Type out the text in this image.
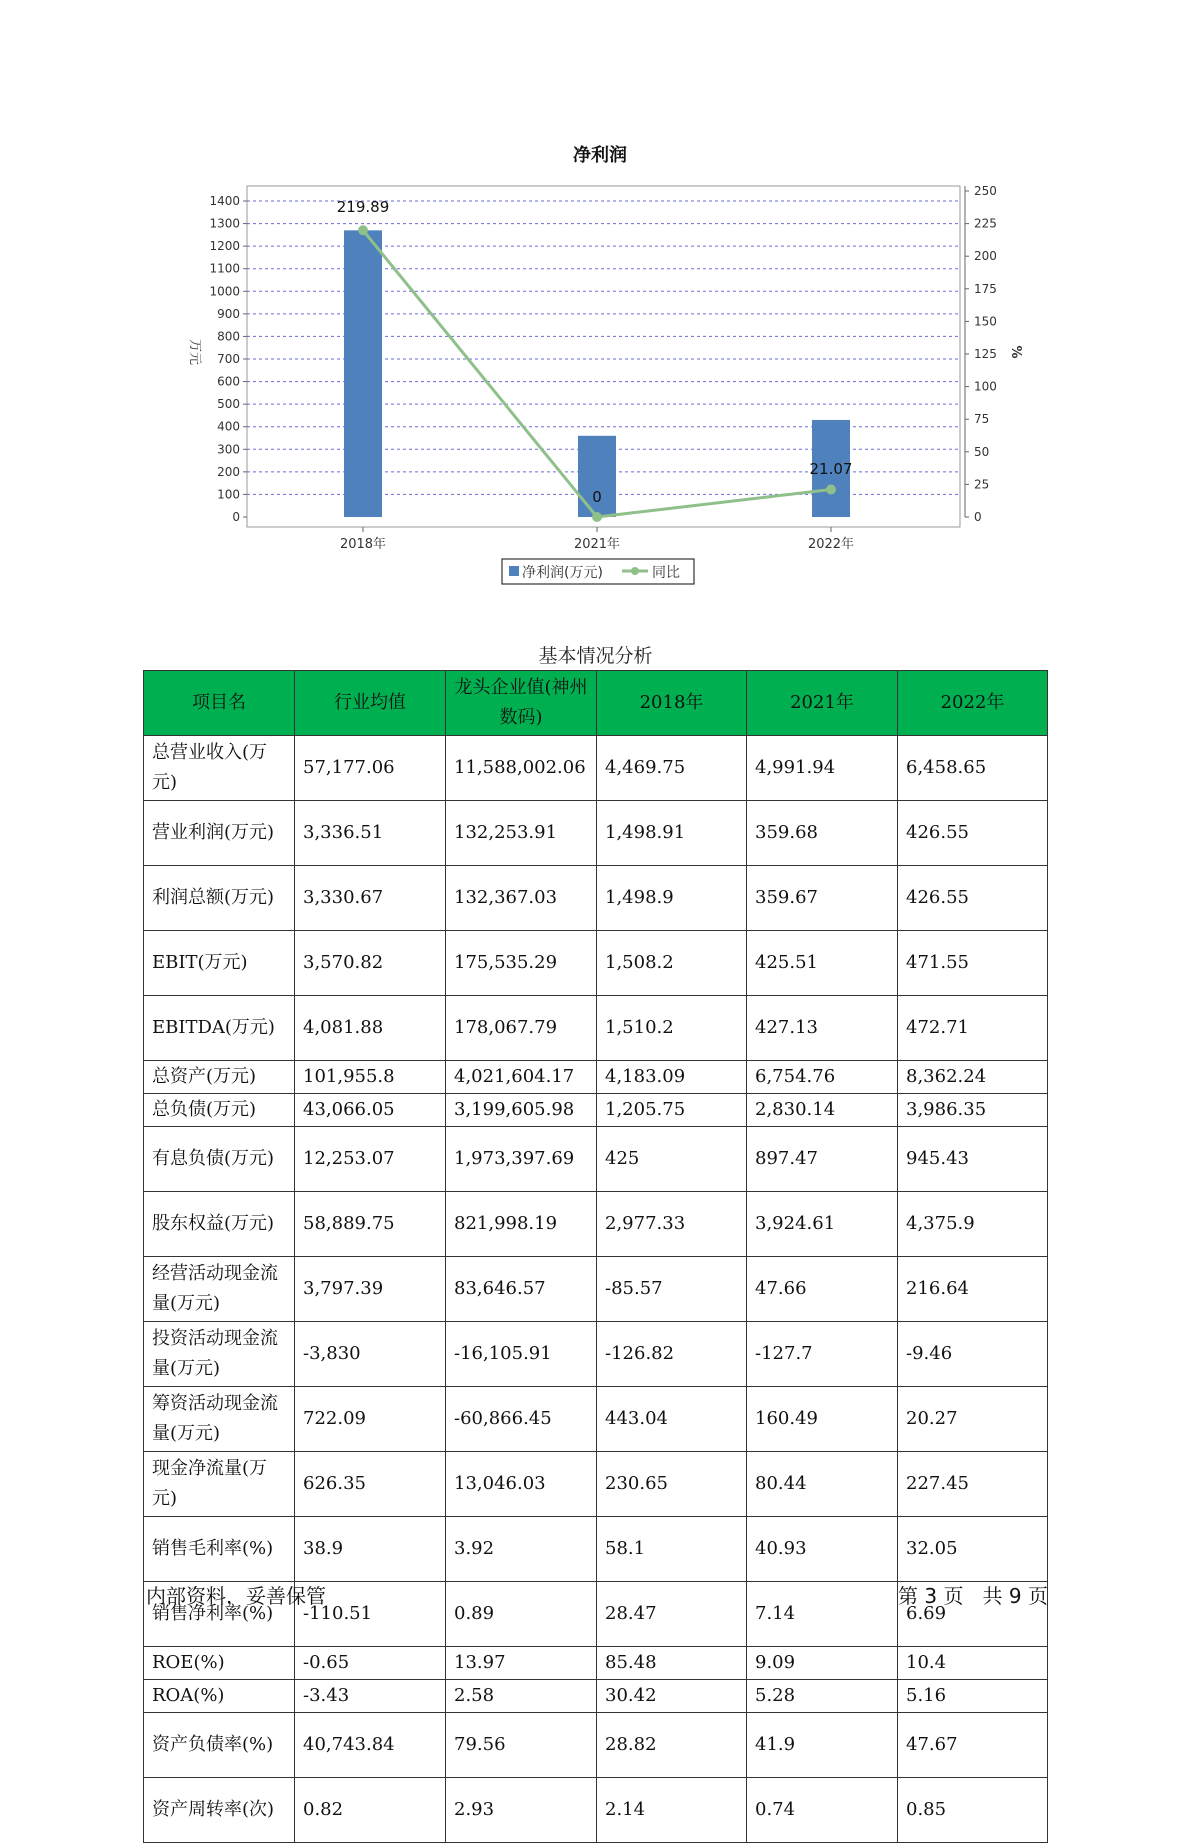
0
100
200
300
400
500
600
700
800
900
1000
1100
1200
1300
1400
0
25
50
75
100
125
150
175
200
225
250
万元	%
净利润
2018年	2021年	2022年
219.89
0
21.07
净利润(万元)	同比
基本情况分析
项目名	行业均值	龙头企业值(神州数码)	2018年	2021年	2022年
总营业收入(万元)	57,177.06	11,588,002.06	4,469.75	4,991.94	6,458.65
营业利润(万元)	3,336.51	132,253.91	1,498.91	359.68	426.55
利润总额(万元)	3,330.67	132,367.03	1,498.9	359.67	426.55
EBIT(万元)	3,570.82	175,535.29	1,508.2	425.51	471.55
EBITDA(万元)	4,081.88	178,067.79	1,510.2	427.13	472.71
总资产(万元)	101,955.8	4,021,604.17	4,183.09	6,754.76	8,362.24
总负债(万元)	43,066.05	3,199,605.98	1,205.75	2,830.14	3,986.35
有息负债(万元)	12,253.07	1,973,397.69	425	897.47	945.43
股东权益(万元)	58,889.75	821,998.19	2,977.33	3,924.61	4,375.9
经营活动现金流量(万元)	3,797.39	83,646.57	-85.57	47.66	216.64
投资活动现金流量(万元)	-3,830	-16,105.91	-126.82	-127.7	-9.46
筹资活动现金流量(万元)	722.09	-60,866.45	443.04	160.49	20.27
现金净流量(万元)	626.35	13,046.03	230.65	80.44	227.45
销售毛利率(%)	38.9	3.92	58.1	40.93	32.05
销售净利率(%)	-110.51	0.89	28.47	7.14	6.69
ROE(%)	-0.65	13.97	85.48	9.09	10.4
ROA(%)	-3.43	2.58	30.42	5.28	5.16
资产负债率(%)	40,743.84	79.56	28.82	41.9	47.67
资产周转率(次)	0.82	2.93	2.14	0.74	0.85
内部资料，妥善保管	第 3 页   共 9 页
